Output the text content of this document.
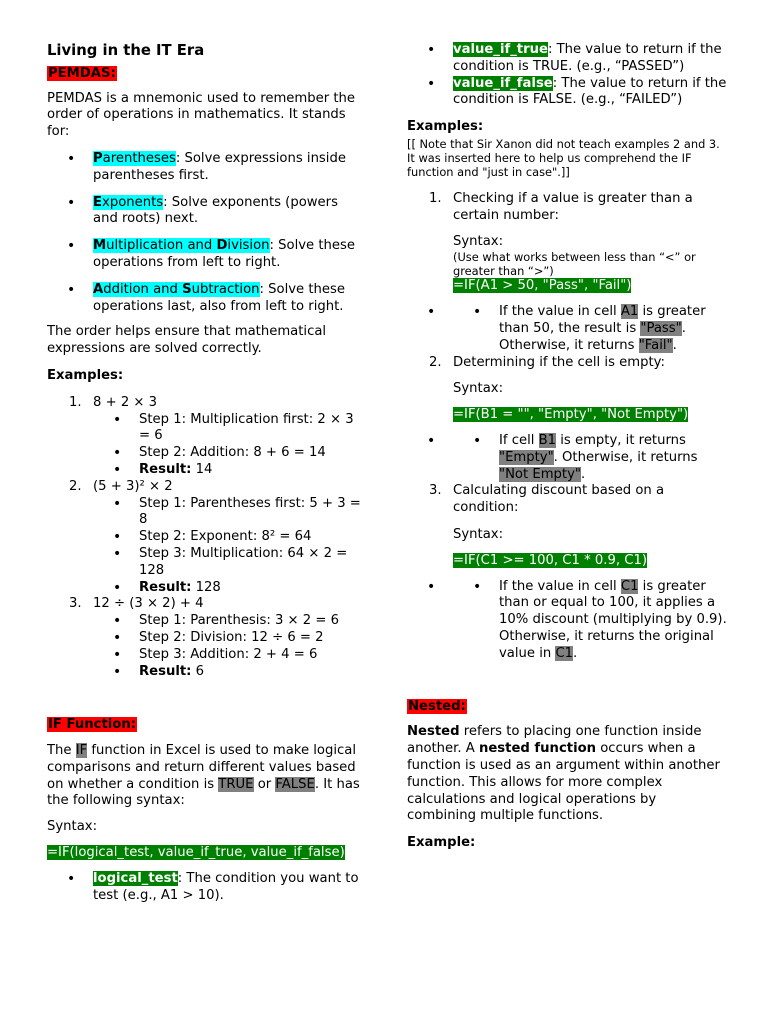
Living in the IT Era

PEMDAS:

PEMDAS is a mnemonic used to remember the order of operations in mathematics. It stands for:

• Parentheses: Solve expressions inside parentheses first.
• Exponents: Solve exponents (powers and roots) next.
• Multiplication and Division: Solve these operations from left to right.
• Addition and Subtraction: Solve these operations last, also from left to right.

The order helps ensure that mathematical expressions are solved correctly.

Examples:

1. 8 + 2 × 3
• Step 1: Multiplication first: 2 × 3 = 6
• Step 2: Addition: 8 + 6 = 14
• Result: 14
2. (5 + 3)² × 2
• Step 1: Parentheses first: 5 + 3 = 8
• Step 2: Exponent: 8² = 64
• Step 3: Multiplication: 64 × 2 = 128
• Result: 128
3. 12 ÷ (3 × 2) + 4
• Step 1: Parenthesis: 3 × 2 = 6
• Step 2: Division: 12 ÷ 6 = 2
• Step 3: Addition: 2 + 4 = 6
• Result: 6

IF Function:

The IF function in Excel is used to make logical comparisons and return different values based on whether a condition is TRUE or FALSE. It has the following syntax:

Syntax:

=IF(logical_test, value_if_true, value_if_false)

• logical_test: The condition you want to test (e.g., A1 > 10).
• value_if_true: The value to return if the condition is TRUE. (e.g., “PASSED”)
• value_if_false: The value to return if the condition is FALSE. (e.g., “FAILED”)

Examples:

[[ Note that Sir Xanon did not teach examples 2 and 3. It was inserted here to help us comprehend the IF function and "just in case".]]

1. Checking if a value is greater than a certain number:

Syntax:

(Use what works between less than “<” or greater than “>”)

=IF(A1 > 50, "Pass", "Fail")

• • If the value in cell A1 is greater than 50, the result is "Pass". Otherwise, it returns "Fail".
2. Determining if the cell is empty:

Syntax:

=IF(B1 = "", "Empty", "Not Empty")

• • If cell B1 is empty, it returns "Empty". Otherwise, it returns "Not Empty".
3. Calculating discount based on a condition:

Syntax:

=IF(C1 >= 100, C1 * 0.9, C1)

• • If the value in cell C1 is greater than or equal to 100, it applies a 10% discount (multiplying by 0.9). Otherwise, it returns the original value in C1.

Nested:

Nested refers to placing one function inside another. A nested function occurs when a function is used as an argument within another function. This allows for more complex calculations and logical operations by combining multiple functions.

Example:
